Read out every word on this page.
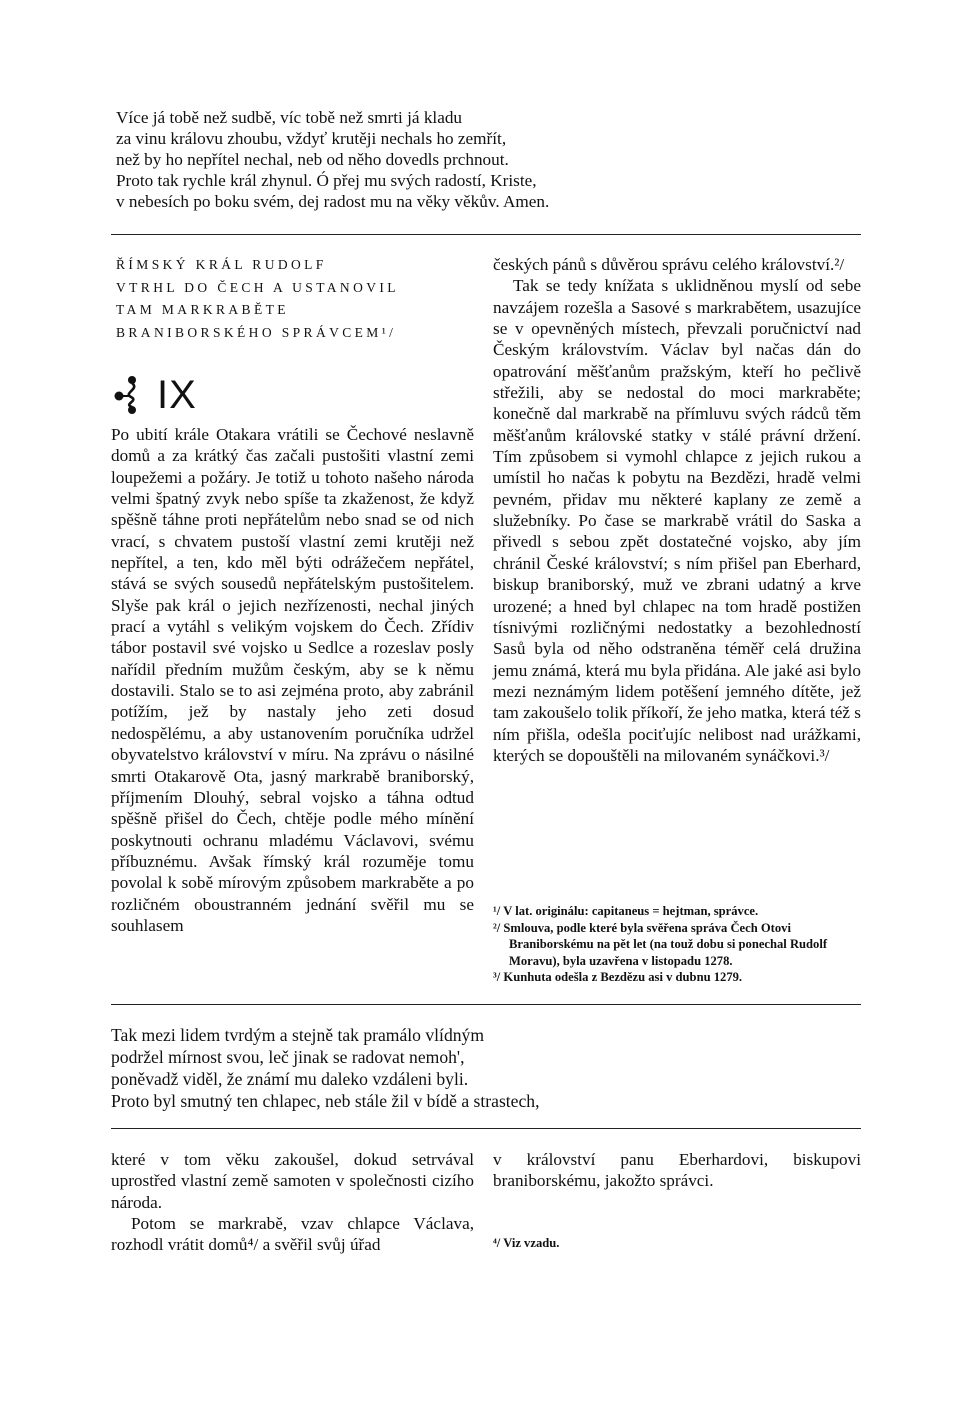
Více já tobě než sudbě, víc tobě než smrti já kladu

za vinu královu zhoubu, vždyť krutěji nechals ho zemřít,

než by ho nepřítel nechal, neb od něho dovedls prchnout.

Proto tak rychle král zhynul. Ó přej mu svých radostí, Kriste,

v nebesích po boku svém, dej radost mu na věky věkův. Amen.

ŘÍMSKÝ KRÁL RUDOLF
VTRHL DO ČECH A USTANOVIL
TAM MARKRABĚTE
BRANIBORSKÉHO SPRÁVCEM¹/
IX

Po ubití krále Otakara vrátili se Čechové neslavně domů a za krátký čas začali pustošiti vlastní zemi loupežemi a požáry. Je totiž u tohoto našeho národa velmi špatný zvyk nebo spíše ta zkaženost, že když spěšně táhne proti nepřátelům nebo snad se od nich vrací, s chvatem pustoší vlastní zemi krutěji než nepřítel, a ten, kdo měl býti odrážečem nepřátel, stává se svých sousedů nepřátelským pustošitelem. Slyše pak král o jejich nezřízenosti, nechal jiných prací a vytáhl s velikým vojskem do Čech. Zřídiv tábor postavil své vojsko u Sedlce a rozeslav posly nařídil předním mužům českým, aby se k němu dostavili. Stalo se to asi zejména proto, aby zabránil potížím, jež by nastaly jeho zeti dosud nedospělému, a aby ustanovením poručníka udržel obyvatelstvo království v míru. Na zprávu o násilné smrti Otakarově Ota, jasný markrabě braniborský, příjmením Dlouhý, sebral vojsko a táhna odtud spěšně přišel do Čech, chtěje podle mého mínění poskytnouti ochranu mladému Václavovi, svému příbuznému. Avšak římský král rozuměje tomu povolal k sobě mírovým způsobem markraběte a po rozličném oboustranném jednání svěřil mu se souhlasem

českých pánů s důvěrou správu celého království.²/

Tak se tedy knížata s uklidněnou myslí od sebe navzájem rozešla a Sasové s markrabětem, usazujíce se v opevněných místech, převzali poručnictví nad Českým královstvím. Václav byl načas dán do opatrování měšťanům pražským, kteří ho pečlivě střežili, aby se nedostal do moci markraběte; konečně dal markrabě na přímluvu svých rádců těm měšťanům královské statky v stálé právní držení. Tím způsobem si vymohl chlapce z jejich rukou a umístil ho načas k pobytu na Bezdězi, hradě velmi pevném, přidav mu některé kaplany ze země a služebníky. Po čase se markrabě vrátil do Saska a přivedl s sebou zpět dostatečné vojsko, aby jím chránil České království; s ním přišel pan Eberhard, biskup braniborský, muž ve zbrani udatný a krve urozené; a hned byl chlapec na tom hradě postižen tísnivými rozličnými nedostatky a bezohledností Sasů byla od něho odstraněna téměř celá družina jemu známá, která mu byla přidána. Ale jaké asi bylo mezi neznámým lidem potěšení jemného dítěte, jež tam zakoušelo tolik příkoří, že jeho matka, která též s ním přišla, odešla pociťujíc nelibost nad urážkami, kterých se dopouštěli na milovaném synáčkovi.³/

¹/ V lat. originálu: capitaneus = hejtman, správce.

²/ Smlouva, podle které byla svěřena správa Čech Otovi Braniborskému na pět let (na touž dobu si ponechal Rudolf Moravu), byla uzavřena v listopadu 1278.

³/ Kunhuta odešla z Bezdězu asi v dubnu 1279.

Tak mezi lidem tvrdým a stejně tak pramálo vlídným

podržel mírnost svou, leč jinak se radovat nemoh',

poněvadž viděl, že známí mu daleko vzdáleni byli.

Proto byl smutný ten chlapec, neb stále žil v bídě a strastech,

které v tom věku zakoušel, dokud setrvával uprostřed vlastní země samoten v společnosti cizího národa.

Potom se markrabě, vzav chlapce Václava, rozhodl vrátit domů⁴/ a svěřil svůj úřad

v království panu Eberhardovi, biskupovi braniborskému, jakožto správci.

⁴/ Viz vzadu.
